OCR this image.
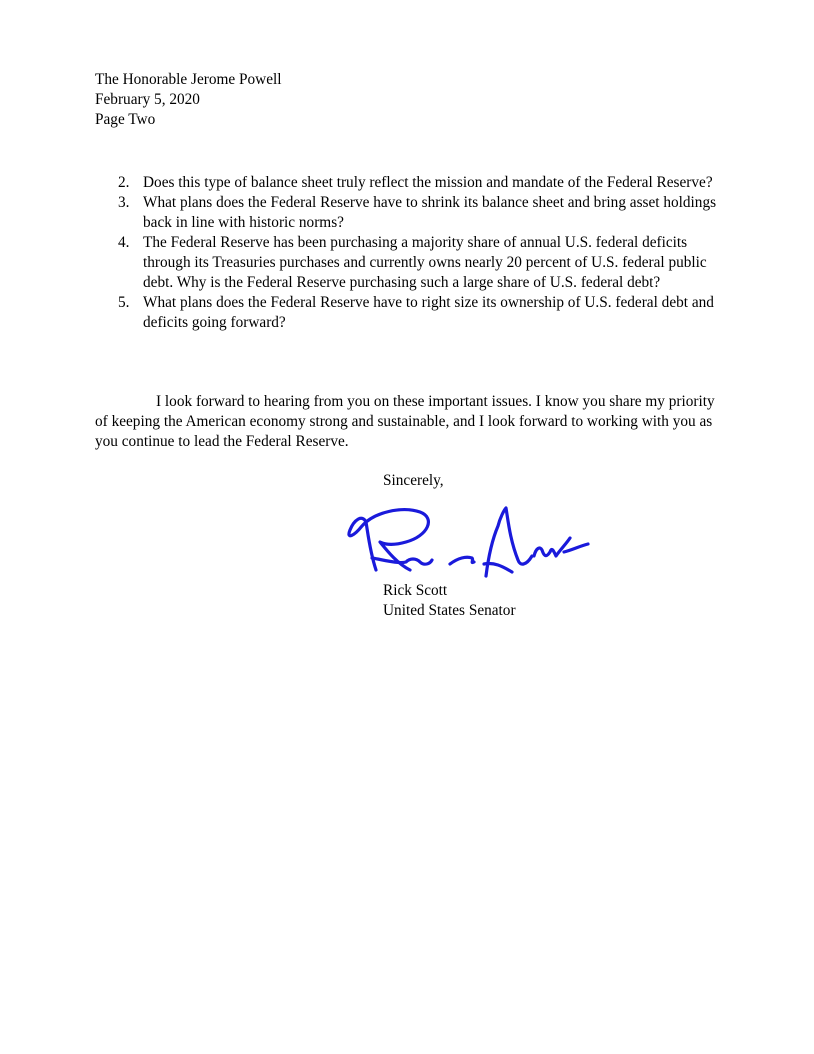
The Honorable Jerome Powell
February 5, 2020
Page Two
2. Does this type of balance sheet truly reflect the mission and mandate of the Federal Reserve?
3. What plans does the Federal Reserve have to shrink its balance sheet and bring asset holdings back in line with historic norms?
4. The Federal Reserve has been purchasing a majority share of annual U.S. federal deficits through its Treasuries purchases and currently owns nearly 20 percent of U.S. federal public debt. Why is the Federal Reserve purchasing such a large share of U.S. federal debt?
5. What plans does the Federal Reserve have to right size its ownership of U.S. federal debt and deficits going forward?

I look forward to hearing from you on these important issues. I know you share my priority of keeping the American economy strong and sustainable, and I look forward to working with you as you continue to lead the Federal Reserve.

Sincerely,
Rick Scott
United States Senator
